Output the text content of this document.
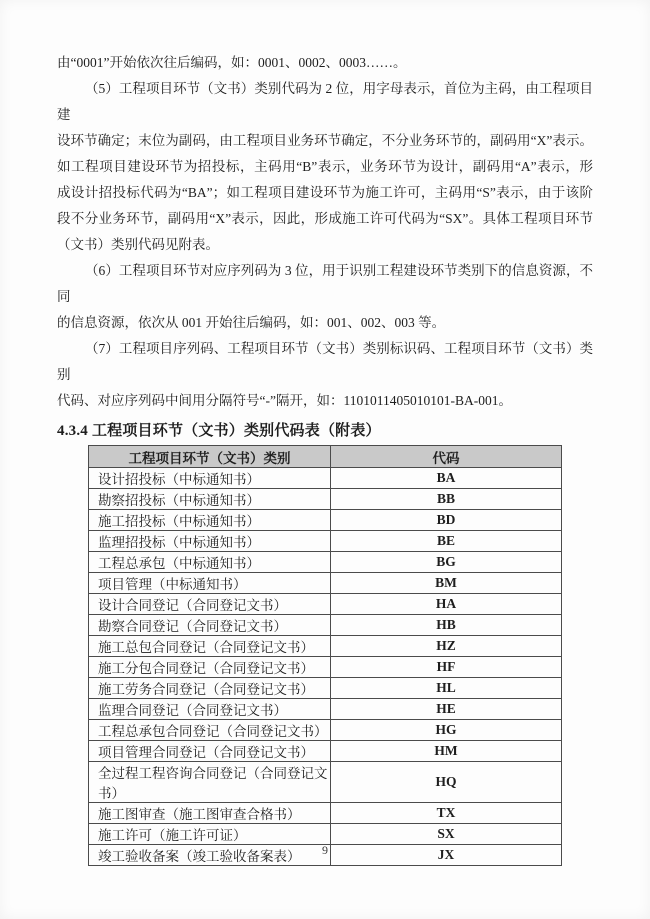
由“0001”开始依次往后编码，如：0001、0002、0003……。
（5）工程项目环节（文书）类别代码为 2 位，用字母表示，首位为主码，由工程项目建
设环节确定；末位为副码，由工程项目业务环节确定，不分业务环节的，副码用“X”表示。
如工程项目建设环节为招投标，主码用“B”表示，业务环节为设计，副码用“A”表示，形
成设计招投标代码为“BA”；如工程项目建设环节为施工许可，主码用“S”表示，由于该阶
段不分业务环节，副码用“X”表示，因此，形成施工许可代码为“SX”。具体工程项目环节
（文书）类别代码见附表。
（6）工程项目环节对应序列码为 3 位，用于识别工程建设环节类别下的信息资源，不同
的信息资源，依次从 001 开始往后编码，如：001、002、003 等。
（7）工程项目序列码、工程项目环节（文书）类别标识码、工程项目环节（文书）类别
代码、对应序列码中间用分隔符号“-”隔开，如：1101011405010101-BA-001。
4.3.4 工程项目环节（文书）类别代码表（附表）
工程项目环节（文书）类别	代码
设计招投标（中标通知书）	BA
勘察招投标（中标通知书）	BB
施工招投标（中标通知书）	BD
监理招投标（中标通知书）	BE
工程总承包（中标通知书）	BG
项目管理（中标通知书）	BM
设计合同登记（合同登记文书）	HA
勘察合同登记（合同登记文书）	HB
施工总包合同登记（合同登记文书）	HZ
施工分包合同登记（合同登记文书）	HF
施工劳务合同登记（合同登记文书）	HL
监理合同登记（合同登记文书）	HE
工程总承包合同登记（合同登记文书）	HG
项目管理合同登记（合同登记文书）	HM
全过程工程咨询合同登记（合同登记文书）	HQ
施工图审查（施工图审查合格书）	TX
施工许可（施工许可证）	SX
竣工验收备案（竣工验收备案表）	JX
9
